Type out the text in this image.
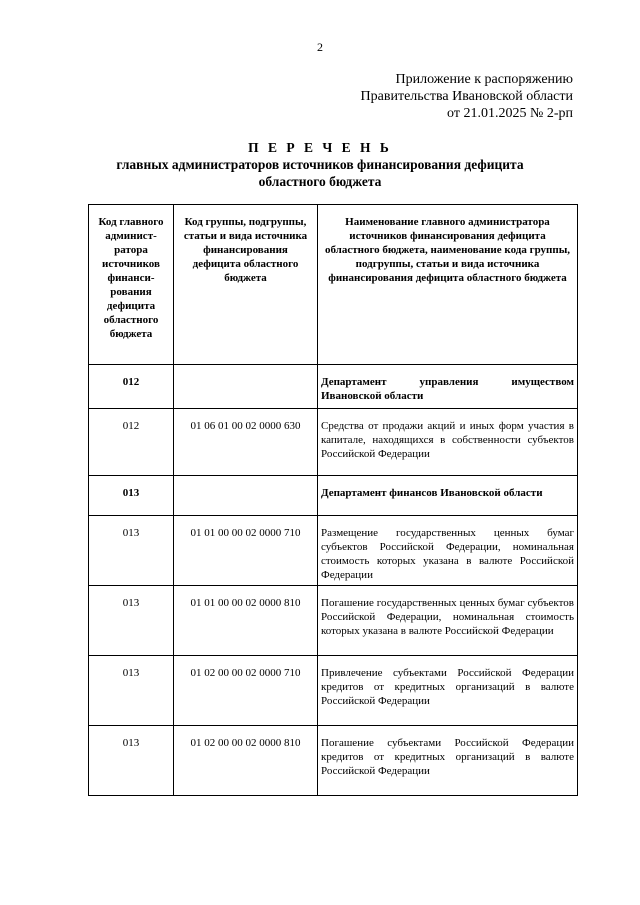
2
Приложение к распоряжению
Правительства Ивановской области
от 21.01.2025 № 2-рп
П Е Р Е Ч Е Н Ь
главных администраторов источников финансирования дефицита
областного бюджета
Код главного админист-ратора источников финанси-рования дефицита областного бюджета	Код группы, подгруппы, статьи и вида источника финансирования дефицита областного бюджета	Наименование главного администратора источников финансирования дефицита областного бюджета, наименование кода группы, подгруппы, статьи и вида источника финансирования дефицита областного бюджета
012		Департамент управления имуществом Ивановской области
012	01 06 01 00 02 0000 630	Средства от продажи акций и иных форм участия в капитале, находящихся в собственности субъектов Российской Федерации
013		Департамент финансов Ивановской области
013	01 01 00 00 02 0000 710	Размещение государственных ценных бумаг субъектов Российской Федерации, номинальная стоимость которых указана в валюте Российской Федерации
013	01 01 00 00 02 0000 810	Погашение государственных ценных бумаг субъектов Российской Федерации, номинальная стоимость которых указана в валюте Российской Федерации
013	01 02 00 00 02 0000 710	Привлечение субъектами Российской Федерации кредитов от кредитных организаций в валюте Российской Федерации
013	01 02 00 00 02 0000 810	Погашение субъектами Российской Федерации кредитов от кредитных организаций в валюте Российской Федерации
